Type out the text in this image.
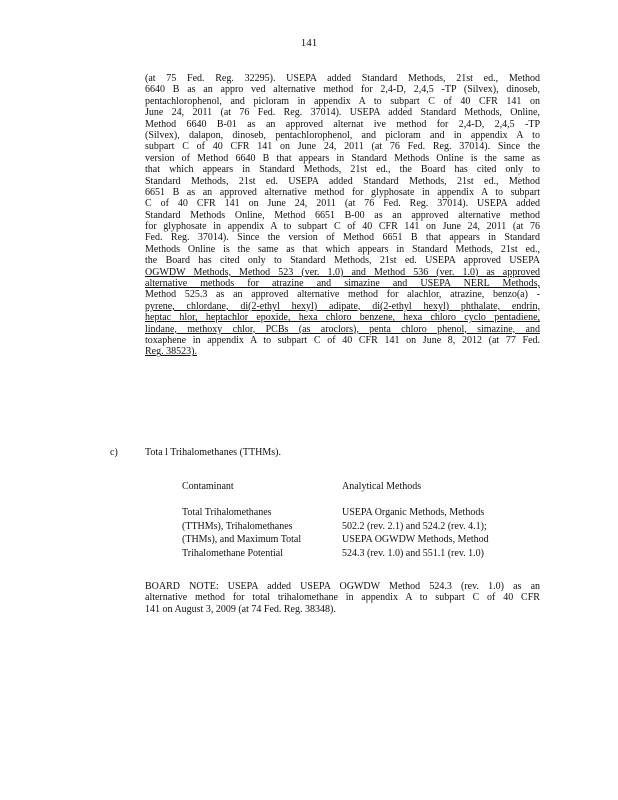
141
(at 75 Fed. Reg. 32295). USEPA added Standard Methods, 21st ed., Method
6640 B as an appro ved alternative method for 2,4-D, 2,4,5 -TP (Silvex), dinoseb,
pentachlorophenol, and picloram in appendix A to subpart C of 40 CFR 141 on
June 24, 2011 (at 76 Fed. Reg. 37014). USEPA added Standard Methods, Online,
Method 6640 B-01 as an approved alternat ive method for 2,4-D, 2,4,5 -TP
(Silvex), dalapon, dinoseb, pentachlorophenol, and picloram and in appendix A to
subpart C of 40 CFR 141 on June 24, 2011 (at 76 Fed. Reg. 37014). Since the
version of Method 6640 B that appears in Standard Methods Online is the same as
that which appears in Standard Methods, 21st ed., the Board has cited only to
Standard Methods, 21st ed. USEPA added Standard Methods, 21st ed., Method
6651 B as an approved alternative method for glyphosate in appendix A to subpart
C of 40 CFR 141 on June 24, 2011 (at 76 Fed. Reg. 37014). USEPA added
Standard Methods Online, Method 6651 B-00 as an approved alternative method
for glyphosate in appendix A to subpart C of 40 CFR 141 on June 24, 2011 (at 76
Fed. Reg. 37014). Since the version of Method 6651 B that appears in Standard
Methods Online is the same as that which appears in Standard Methods, 21st ed.,
the Board has cited only to Standard Methods, 21st ed. USEPA approved USEPA
OGWDW Methods, Method 523 (ver. 1.0) and Method 536 (ver. 1.0) as approved
alternative methods for atrazine and simazine and USEPA NERL Methods,
Method 525.3 as an approved alternative method for alachlor, atrazine, benzo(a) -
pyrene, chlordane, di(2-ethyl hexyl) adipate, di(2-ethyl hexyl) phthalate, endrin,
heptac hlor, heptachlor epoxide, hexa chloro benzene, hexa chloro cyclo pentadiene,
lindane, methoxy chlor, PCBs (as aroclors), penta chloro phenol, simazine, and
toxaphene in appendix A to subpart C of 40 CFR 141 on June 8, 2012 (at 77 Fed.
Reg. 38523).
c)	Tota l Trihalomethanes (TTHMs).
Contaminant	Analytical Methods
Total Trihalomethanes
(TTHMs), Trihalomethanes
(THMs), and Maximum Total
Trihalomethane Potential
USEPA Organic Methods, Methods
502.2 (rev. 2.1) and 524.2 (rev. 4.1);
USEPA OGWDW Methods, Method
524.3 (rev. 1.0) and 551.1 (rev. 1.0)
BOARD NOTE: USEPA added USEPA OGWDW Method 524.3 (rev. 1.0) as an
alternative method for total trihalomethane in appendix A to subpart C of 40 CFR
141 on August 3, 2009 (at 74 Fed. Reg. 38348).
